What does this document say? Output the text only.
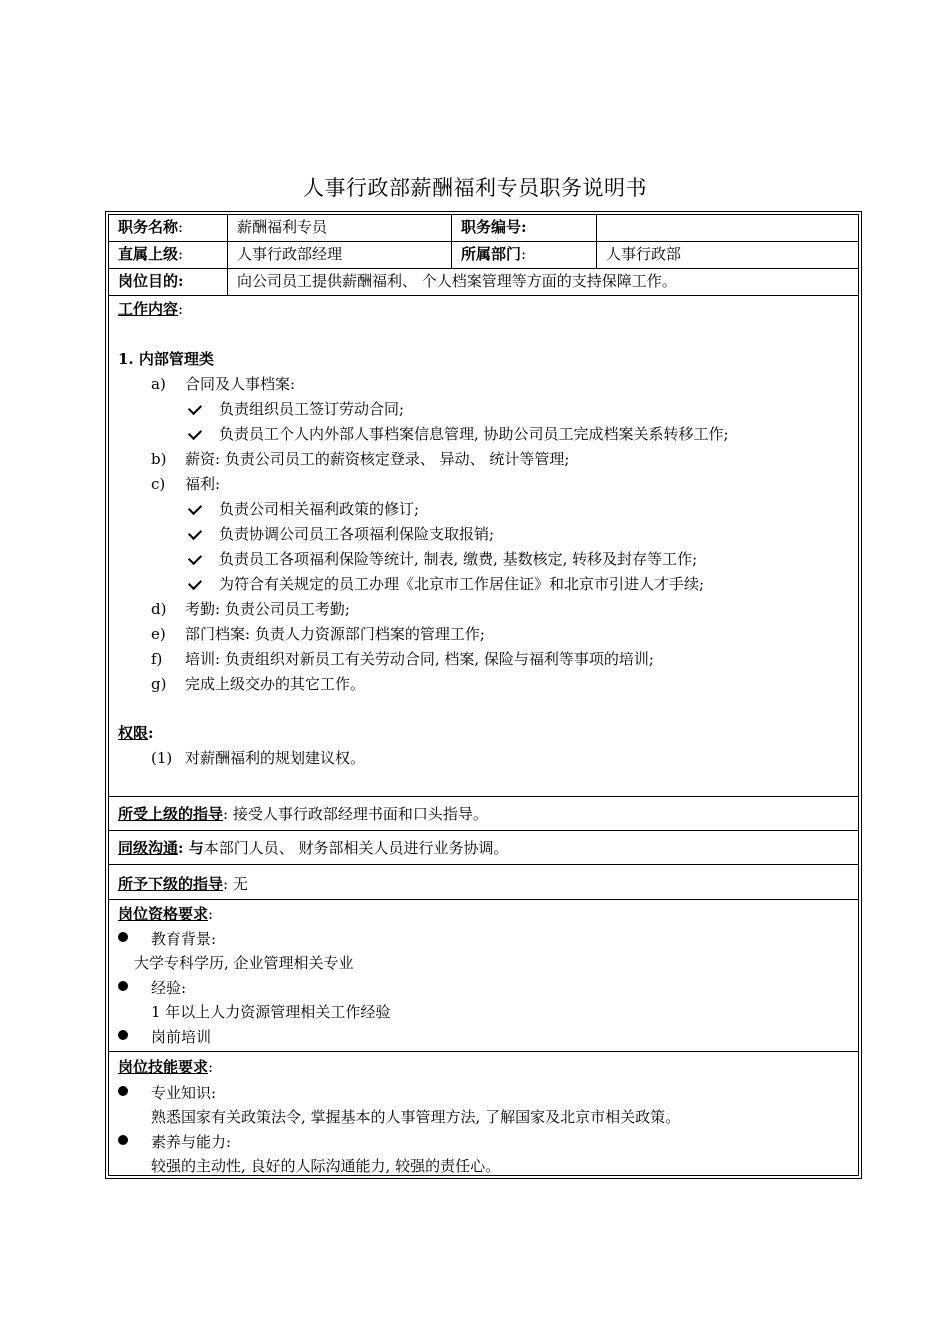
人事行政部薪酬福利专员职务说明书
职务名称:	薪酬福利专员	职务编号:
直属上级:	人事行政部经理	所属部门:	人事行政部
岗位目的:	向公司员工提供薪酬福利、 个人档案管理等方面的支持保障工作。
工作内容:
1. 内部管理类
a) 合同及人事档案:
负责组织员工签订劳动合同;
负责员工个人内外部人事档案信息管理, 协助公司员工完成档案关系转移工作;
b) 薪资: 负责公司员工的薪资核定登录、 异动、 统计等管理;
c) 福利:
负责公司相关福利政策的修订;
负责协调公司员工各项福利保险支取报销;
负责员工各项福利保险等统计, 制表, 缴费, 基数核定, 转移及封存等工作;
为符合有关规定的员工办理《北京市工作居住证》和北京市引进人才手续;
d) 考勤: 负责公司员工考勤;
e) 部门档案: 负责人力资源部门档案的管理工作;
f) 培训: 负责组织对新员工有关劳动合同, 档案, 保险与福利等事项的培训;
g) 完成上级交办的其它工作。
权限:
(1) 对薪酬福利的规划建议权。
所受上级的指导: 接受人事行政部经理书面和口头指导。
同级沟通: 与本部门人员、 财务部相关人员进行业务协调。
所予下级的指导: 无
岗位资格要求:
教育背景:
大学专科学历, 企业管理相关专业
经验:
1 年以上人力资源管理相关工作经验
岗前培训
岗位技能要求:
专业知识:
熟悉国家有关政策法令, 掌握基本的人事管理方法, 了解国家及北京市相关政策。
素养与能力:
较强的主动性, 良好的人际沟通能力, 较强的责任心。
